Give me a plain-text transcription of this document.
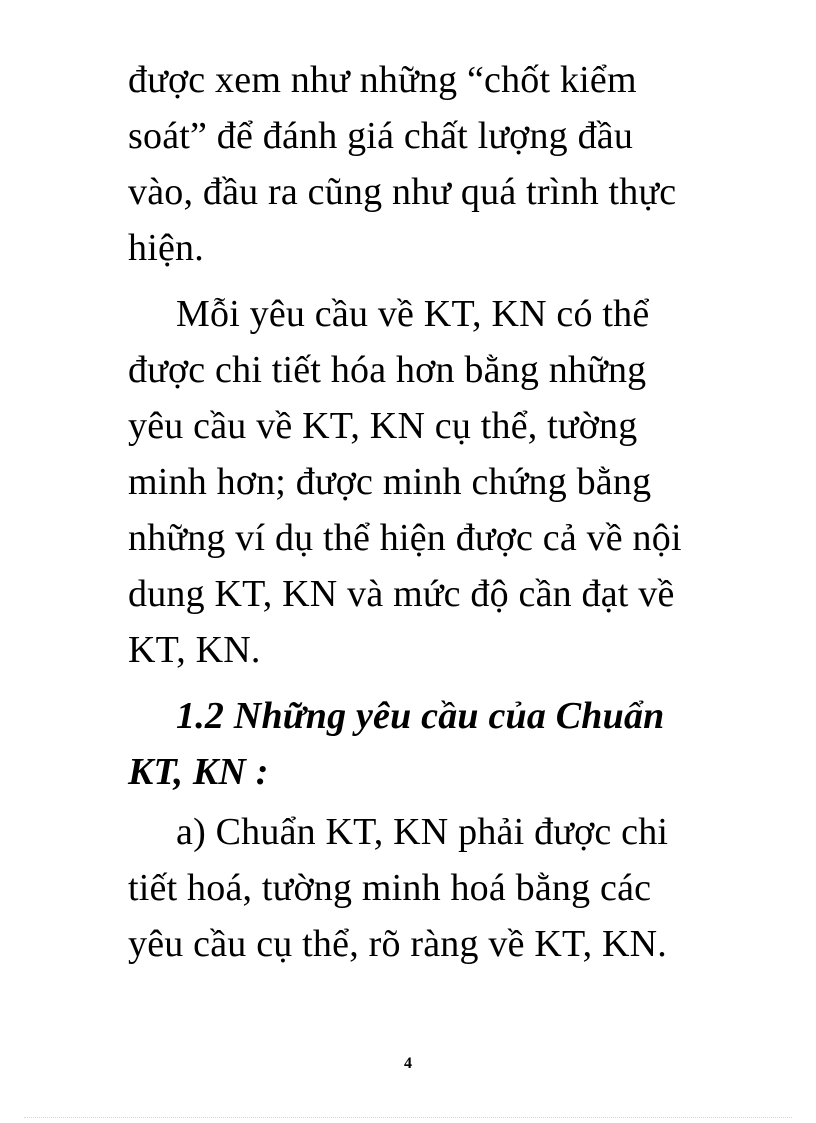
được xem như những “chốt kiểm
soát” để đánh giá chất lượng đầu
vào, đầu ra cũng như quá trình thực
hiện.
Mỗi yêu cầu về KT, KN có thể
được chi tiết hóa hơn bằng những
yêu cầu về KT, KN cụ thể, tường
minh hơn; được minh chứng bằng
những ví dụ thể hiện được cả về nội
dung KT, KN và mức độ cần đạt về
KT, KN.
1.2 Những yêu cầu của Chuẩn
KT, KN :
a) Chuẩn KT, KN phải được chi
tiết hoá, tường minh hoá bằng các
yêu cầu cụ thể, rõ ràng về KT, KN.
4
